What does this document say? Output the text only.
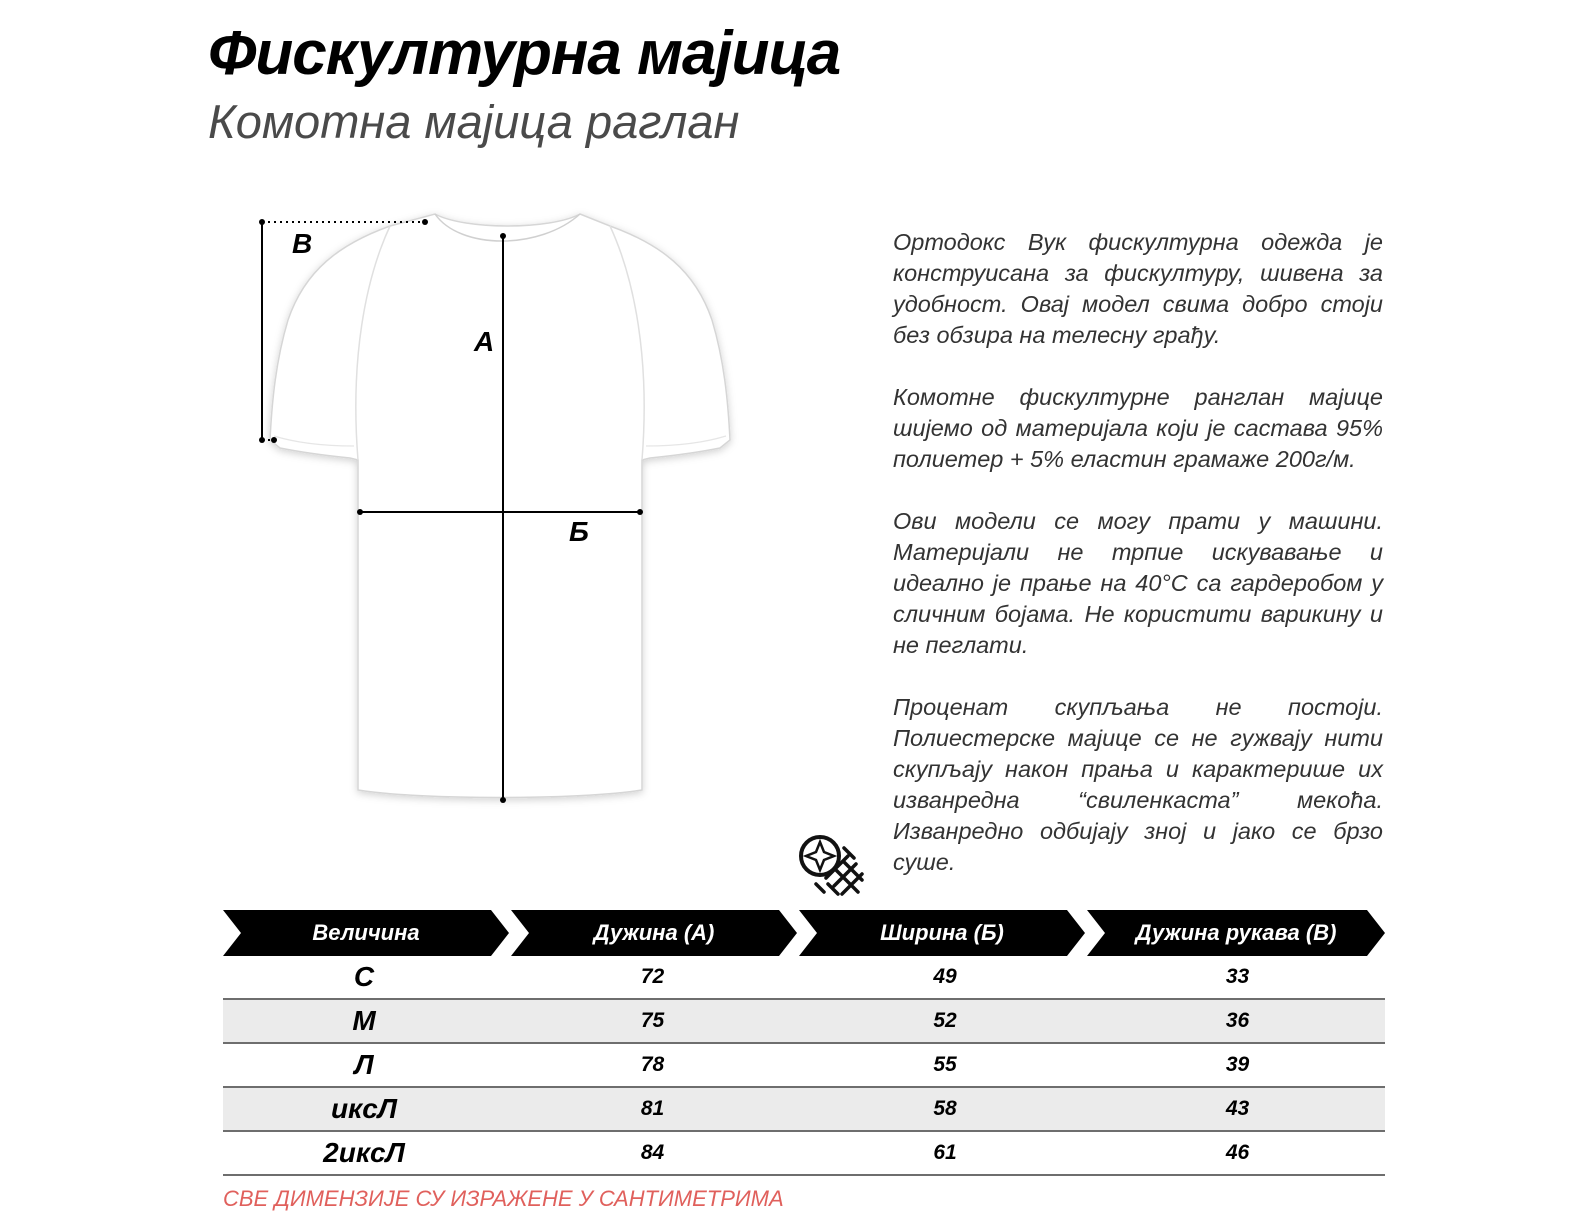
Фискултурна мајица
Комотна мајица раглан
В
А
Б

Ортодокс Вук фискултурна одежда је конструисана за фискултуру, шивена за удобност. Овај модел свима добро стоји без обзира на телесну грађу.

Комотне фискултурне ранглан мајице шијемо од материјала који је састава 95% полиетер + 5% еластин грамаже 200г/м.

Ови модели се могу прати у машини. Материјали не трпие искувавање и идеално је прање на 40°C са гардеробом у сличним бојама. Не користити варикину и не пеглати.

Проценат скупљања не постоји. Полиестерске мајице се не гужвају нити скупљају након прања и карактерише их изванредна “свиленкаста” мекоћа. Изванредно одбијају зној и јако се брзо суше.

Величина	Дужина (А)	Ширина (Б)	Дужина рукава (В)
С	72	49	33
М	75	52	36
Л	78	55	39
иксЛ	81	58	43
2иксЛ	84	61	46
СВЕ ДИМЕНЗИЈЕ СУ ИЗРАЖЕНЕ У САНТИМЕТРИМА
